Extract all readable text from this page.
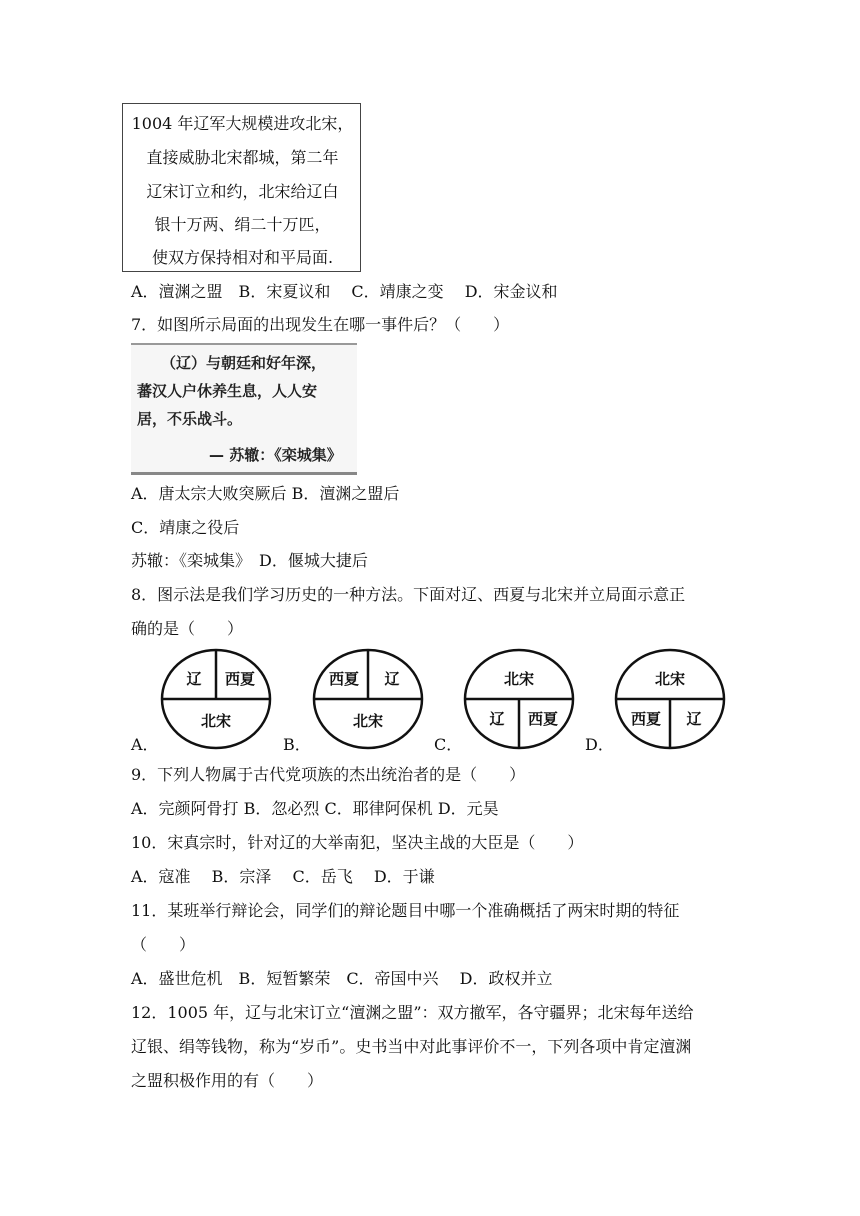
1004 年辽军大规模进攻北宋，
直接威胁北宋都城，第二年
辽宋订立和约，北宋给辽白
银十万两、绢二十万匹，
使双方保持相对和平局面.
A．澶渊之盟　B．宋夏议和　 C．靖康之变　 D．宋金议和
7．如图所示局面的出现发生在哪一事件后？（　　）
（辽）与朝廷和好年深，
蕃汉人户休养生息，人人安
居，不乐战斗。
— 苏辙：《栾城集》
A．唐太宗大败突厥后 B．澶渊之盟后
C．靖康之役后
苏辙：《栾城集》　D．偃城大捷后
8．图示法是我们学习历史的一种方法。下面对辽、西夏与北宋并立局面示意正
确的是（　　）
A．
辽 西夏
北宋
B．
西夏 辽
北宋
C．
北宋
辽 西夏
D．
北宋
西夏 辽
9．下列人物属于古代党项族的杰出统治者的是（　　）
A．完颜阿骨打 B．忽必烈 C．耶律阿保机 D．元昊
10．宋真宗时，针对辽的大举南犯，坚决主战的大臣是（　　）
A．寇准　 B．宗泽　 C．岳飞　 D．于谦
11．某班举行辩论会，同学们的辩论题目中哪一个准确概括了两宋时期的特征
（　　）
A．盛世危机　B．短暂繁荣　C．帝国中兴　 D．政权并立
12．1005 年，辽与北宋订立“澶渊之盟”：双方撤军，各守疆界；北宋每年送给
辽银、绢等钱物，称为“岁币”。史书当中对此事评价不一，下列各项中肯定澶渊
之盟积极作用的有（　　）
